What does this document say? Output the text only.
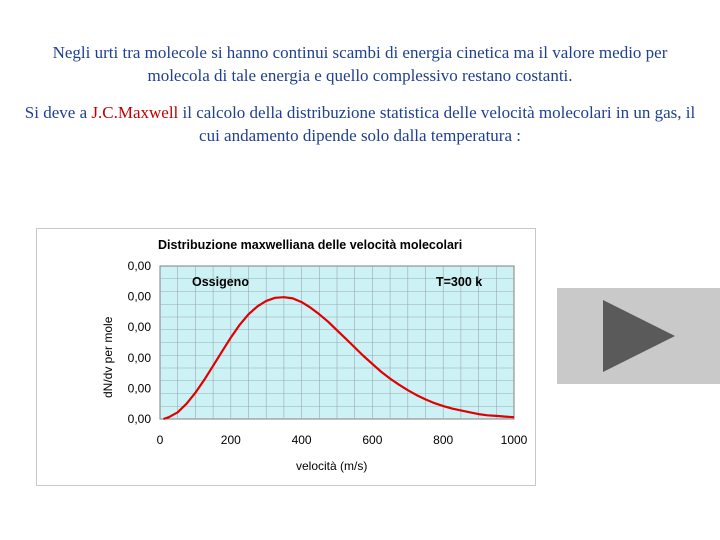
Negli urti tra molecole si hanno continui scambi di energia cinetica ma il valore medio per molecola di tale energia e quello complessivo restano costanti.
Si deve a J.C.Maxwell il calcolo della distribuzione statistica delle velocità molecolari in un gas, il cui andamento dipende solo dalla temperatura :
Distribuzione maxwelliana delle velocità molecolari
Ossigeno	T=300 k
0,00
0,00
0,00
0,00
0,00
0,00
0	200	400	600	800	1000
velocità (m/s)
dN/dv per mole
